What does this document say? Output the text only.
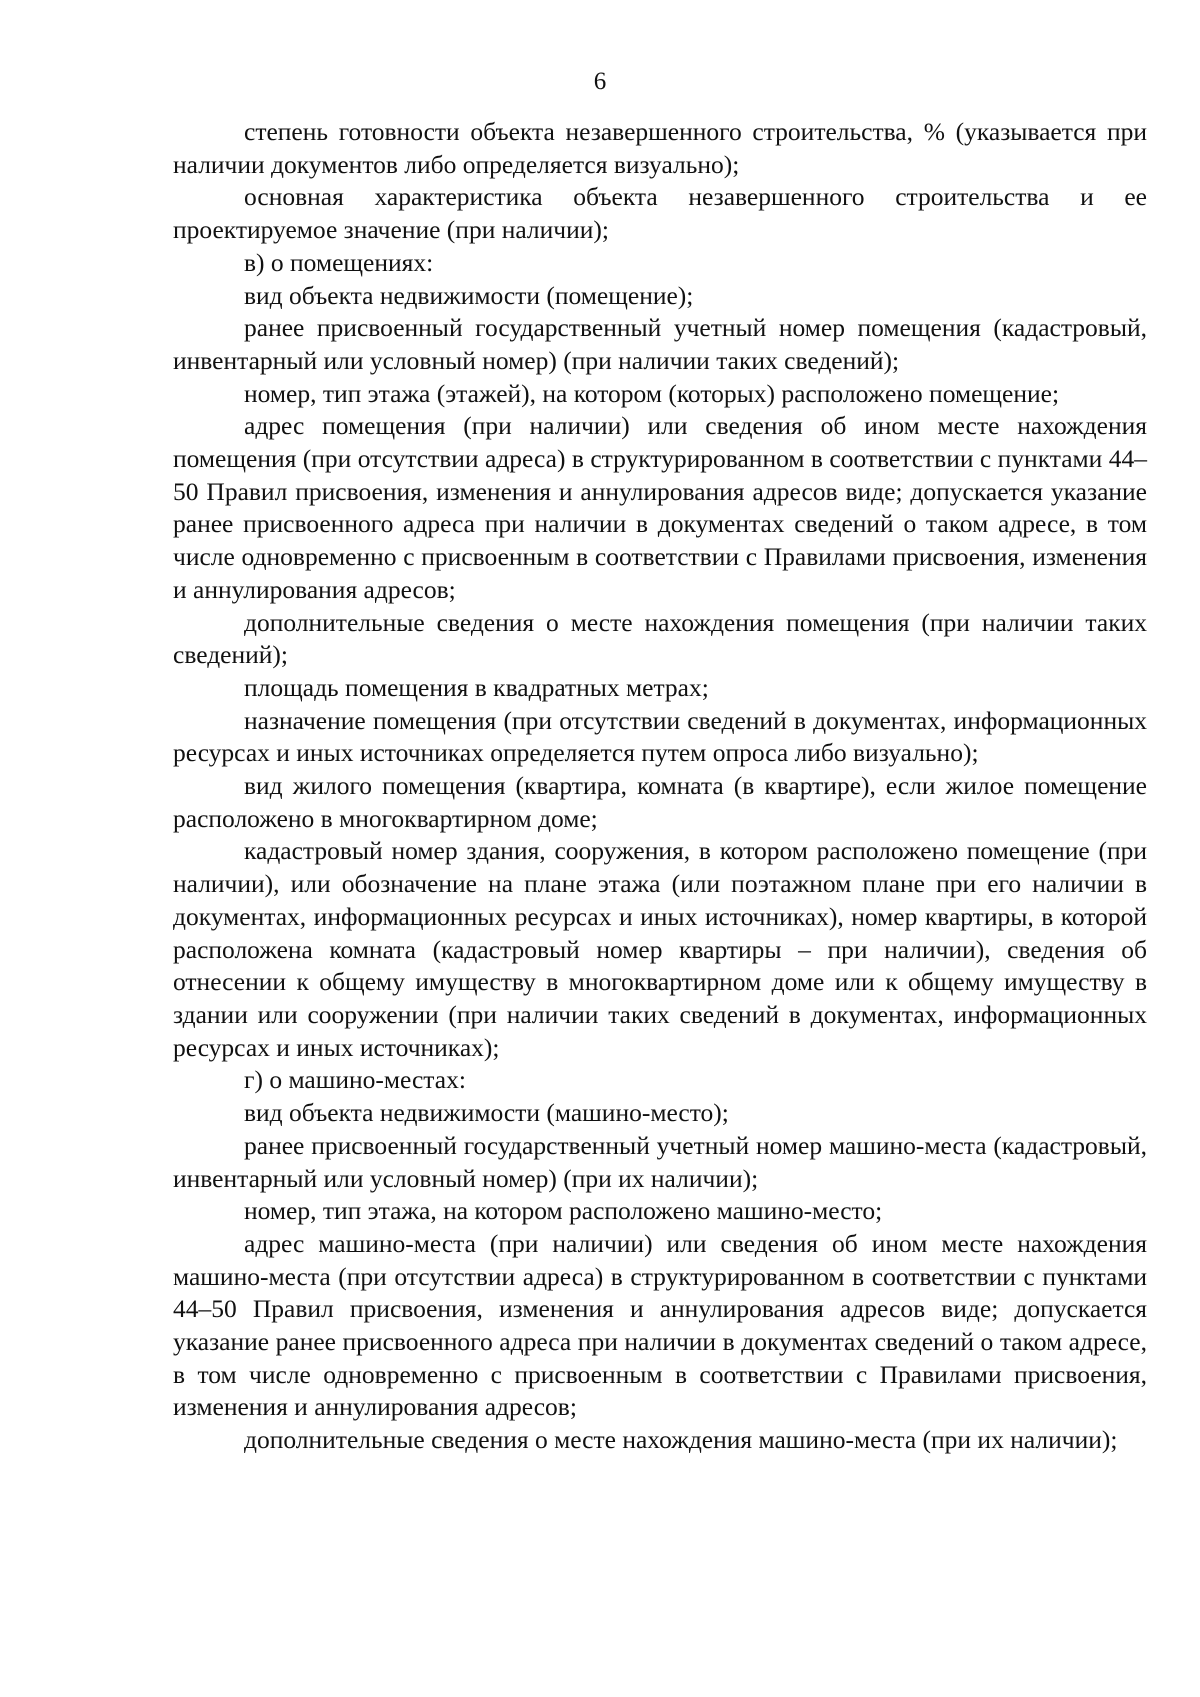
6

степень готовности объекта незавершенного строительства, % (указывается при наличии документов либо определяется визуально);

основная характеристика объекта незавершенного строительства и ее проектируемое значение (при наличии);

в) о помещениях:

вид объекта недвижимости (помещение);

ранее присвоенный государственный учетный номер помещения (кадастровый, инвентарный или условный номер) (при наличии таких сведений);

номер, тип этажа (этажей), на котором (которых) расположено помещение;

адрес помещения (при наличии) или сведения об ином месте нахождения помещения (при отсутствии адреса) в структурированном в соответствии с пунктами 44–50 Правил присвоения, изменения и аннулирования адресов виде; допускается указание ранее присвоенного адреса при наличии в документах сведений о таком адресе, в том числе одновременно с присвоенным в соответствии с Правилами присвоения, изменения и аннулирования адресов;

дополнительные сведения о месте нахождения помещения (при наличии таких сведений);

площадь помещения в квадратных метрах;

назначение помещения (при отсутствии сведений в документах, информационных ресурсах и иных источниках определяется путем опроса либо визуально);

вид жилого помещения (квартира, комната (в квартире), если жилое помещение расположено в многоквартирном доме;

кадастровый номер здания, сооружения, в котором расположено помещение (при наличии), или обозначение на плане этажа (или поэтажном плане при его наличии в документах, информационных ресурсах и иных источниках), номер квартиры, в которой расположена комната (кадастровый номер квартиры – при наличии), сведения об отнесении к общему имуществу в многоквартирном доме или к общему имуществу в здании или сооружении (при наличии таких сведений в документах, информационных ресурсах и иных источниках);

г) о машино-местах:

вид объекта недвижимости (машино-место);

ранее присвоенный государственный учетный номер машино-места (кадастровый, инвентарный или условный номер) (при их наличии);

номер, тип этажа, на котором расположено машино-место;

адрес машино-места (при наличии) или сведения об ином месте нахождения машино-места (при отсутствии адреса) в структурированном в соответствии с пунктами 44–50 Правил присвоения, изменения и аннулирования адресов виде; допускается указание ранее присвоенного адреса при наличии в документах сведений о таком адресе, в том числе одновременно с присвоенным в соответствии с Правилами присвоения, изменения и аннулирования адресов;

дополнительные сведения о месте нахождения машино-места (при их наличии);
